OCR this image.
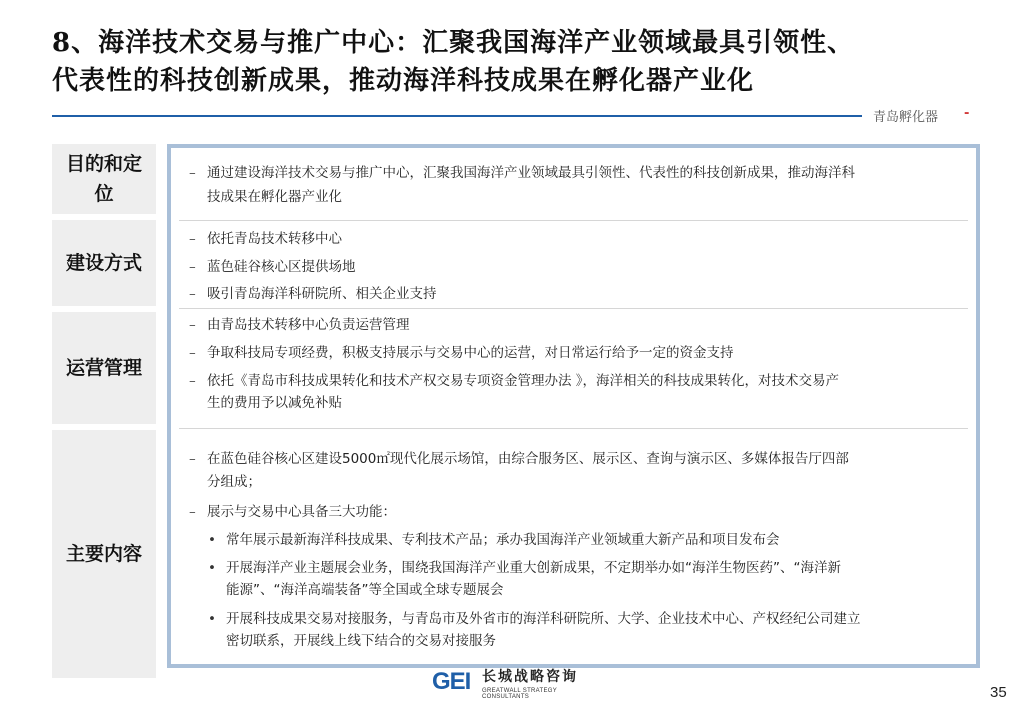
8、海洋技术交易与推广中心：汇聚我国海洋产业领域最具引领性、
代表性的科技创新成果，推动海洋科技成果在孵化器产业化
青岛孵化器 -
目的和定
位
建设方式
运营管理
主要内容
– 通过建设海洋技术交易与推广中心，汇聚我国海洋产业领域最具引领性、代表性的科技创新成果，推动海洋科
技成果在孵化器产业化
– 依托青岛技术转移中心
– 蓝色硅谷核心区提供场地
– 吸引青岛海洋科研院所、相关企业支持
– 由青岛技术转移中心负责运营管理
– 争取科技局专项经费，积极支持展示与交易中心的运营，对日常运行给予一定的资金支持
– 依托《青岛市科技成果转化和技术产权交易专项资金管理办法 》，海洋相关的科技成果转化，对技术交易产
生的费用予以减免补贴
– 在蓝色硅谷核心区建设5000㎡现代化展示场馆，由综合服务区、展示区、查询与演示区、多媒体报告厅四部
分组成；
– 展示与交易中心具备三大功能：
• 常年展示最新海洋科技成果、专利技术产品；承办我国海洋产业领域重大新产品和项目发布会
• 开展海洋产业主题展会业务，围绕我国海洋产业重大创新成果，不定期举办如“海洋生物医药”、“海洋新
能源”、“海洋高端装备”等全国或全球专题展会
• 开展科技成果交易对接服务，与青岛市及外省市的海洋科研院所、大学、企业技术中心、产权经纪公司建立
密切联系，开展线上线下结合的交易对接服务
GEI 长城战略咨询
GREATWALL STRATEGY CONSULTANTS	35
